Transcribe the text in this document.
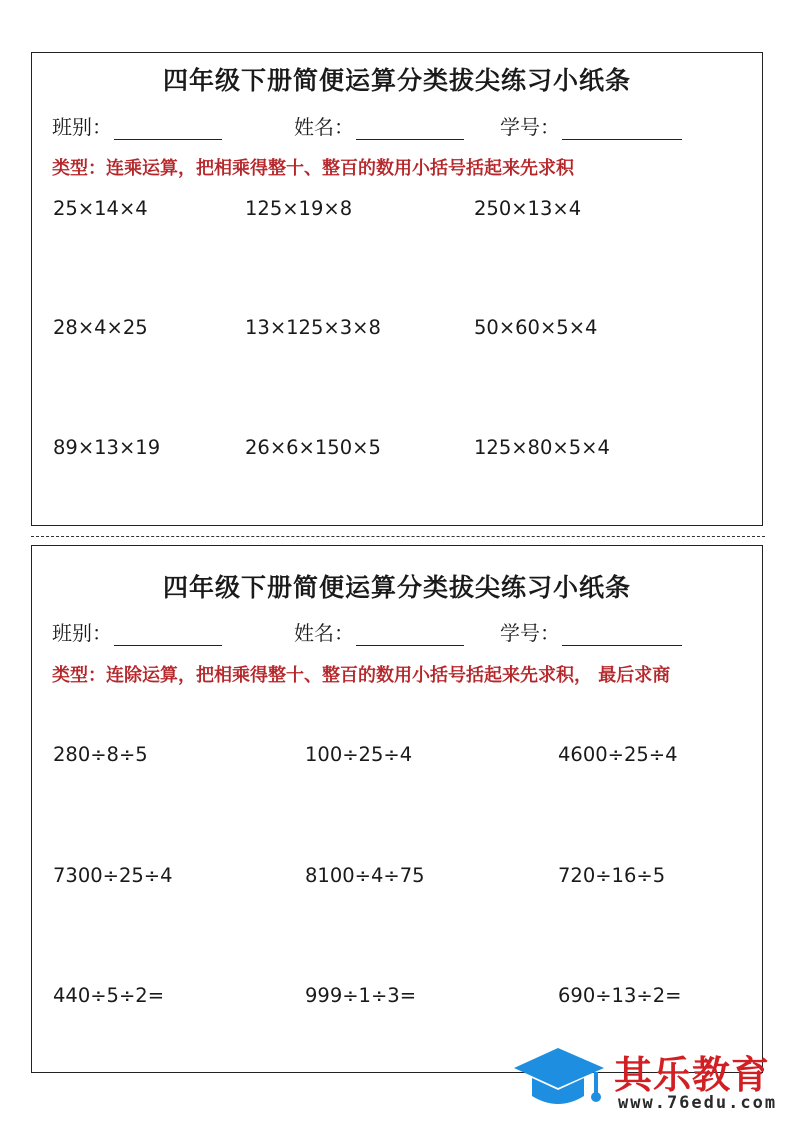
四年级下册简便运算分类拔尖练习小纸条
班别：	姓名：	学号：
类型：连乘运算，把相乘得整十、整百的数用小括号括起来先求积
25×14×4	125×19×8	250×13×4
28×4×25	13×125×3×8	50×60×5×4
89×13×19	26×6×150×5	125×80×5×4
四年级下册简便运算分类拔尖练习小纸条
班别：	姓名：	学号：
类型：连除运算，把相乘得整十、整百的数用小括号括起来先求积， 最后求商
280÷8÷5	100÷25÷4	4600÷25÷4
7300÷25÷4	8100÷4÷75	720÷16÷5
440÷5÷2=	999÷1÷3=	690÷13÷2=
其乐教育
www.76edu.com
